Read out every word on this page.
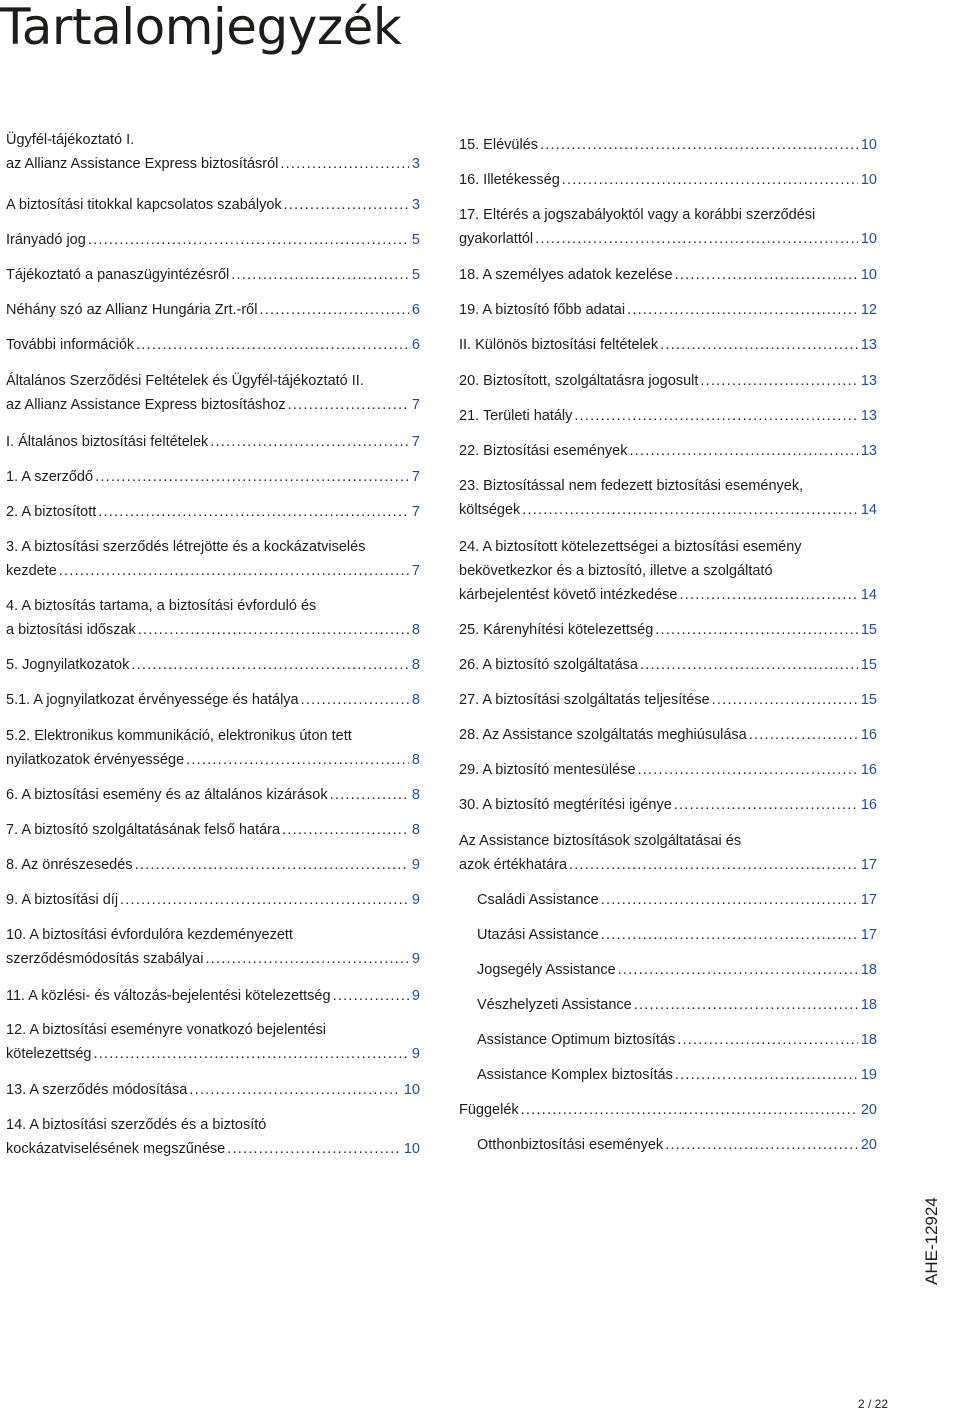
Tartalomjegyzék
Ügyfél-tájékoztató I.
az Allianz Assistance Express biztosításról . . .	3
A biztosítási titokkal kapcsolatos szabályok . . .	3
Irányadó jog . . .	5
Tájékoztató a panaszügyintézésről . . .	5
Néhány szó az Allianz Hungária Zrt.-ről . . .	6
További információk . . .	6
Általános Szerződési Feltételek és Ügyfél-tájékoztató II.
az Allianz Assistance Express biztosításhoz . . .	7
I. Általános biztosítási feltételek . . .	7
1. A szerződő . . .	7
2. A biztosított . . .	7
3. A biztosítási szerződés létrejötte és a kockázatviselés
kezdete . . .	7
4. A biztosítás tartama, a biztosítási évforduló és
a biztosítási időszak . . .	8
5. Jognyilatkozatok . . .	8
5.1. A jognyilatkozat érvényessége és hatálya . . .	8
5.2. Elektronikus kommunikáció, elektronikus úton tett
nyilatkozatok érvényessége . . .	8
6. A biztosítási esemény és az általános kizárások . . .	8
7. A biztosító szolgáltatásának felső határa . . .	8
8. Az önrészesedés . . .	9
9. A biztosítási díj . . .	9
10. A biztosítási évfordulóra kezdeményezett
szerződésmódosítás szabályai . . .	9
11. A közlési- és változás-bejelentési kötelezettség . . .	9
12. A biztosítási eseményre vonatkozó bejelentési
kötelezettség . . .	9
13. A szerződés módosítása . . .	10
14. A biztosítási szerződés és a biztosító
kockázatviselésének megszűnése . . .	10
15. Elévülés . . .	10
16. Illetékesség . . .	10
17. Eltérés a jogszabályoktól vagy a korábbi szerződési
gyakorlattól . . .	10
18. A személyes adatok kezelése . . .	10
19. A biztosító főbb adatai . . .	12
II. Különös biztosítási feltételek . . .	13
20. Biztosított, szolgáltatásra jogosult . . .	13
21. Területi hatály . . .	13
22. Biztosítási események . . .	13
23. Biztosítással nem fedezett biztosítási események,
költségek . . .	14
24. A biztosított kötelezettségei a biztosítási esemény
bekövetkezkor és a biztosító, illetve a szolgáltató
kárbejelentést követő intézkedése . . .	14
25. Kárenyhítési kötelezettség . . .	15
26. A biztosító szolgáltatása . . .	15
27. A biztosítási szolgáltatás teljesítése . . .	15
28. Az Assistance szolgáltatás meghiúsulása . . .	16
29. A biztosító mentesülése . . .	16
30. A biztosító megtérítési igénye . . .	16
Az Assistance biztosítások szolgáltatásai és
azok értékhatára . . .	17
Családi Assistance . . .	17
Utazási Assistance . . .	17
Jogsegély Assistance . . .	18
Vészhelyzeti Assistance . . .	18
Assistance Optimum biztosítás . . .	18
Assistance Komplex biztosítás . . .	19
Függelék . . .	20
Otthonbiztosítási események . . .	20
AHE-12924
2 / 22
